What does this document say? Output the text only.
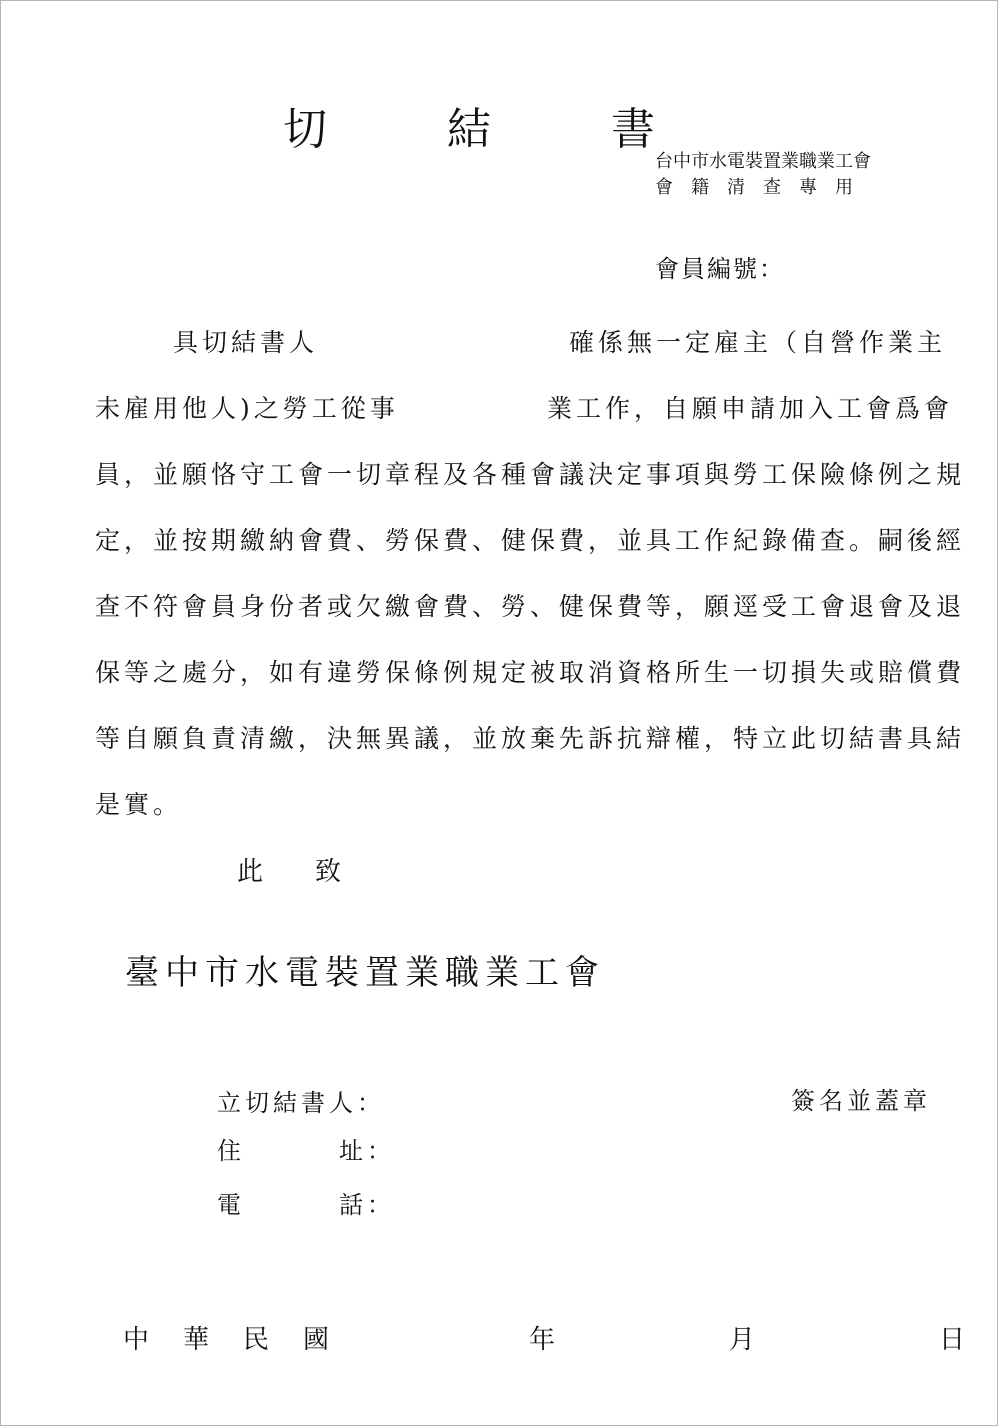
切	結	書
台中市水電裝置業職業工會
會　籍　清　查　專　用
會員編號：
具切結書人	確係無一定雇主（自營作業主
未雇用他人)之勞工從事	業工作，自願申請加入工會爲會
員，並願恪守工會一切章程及各種會議決定事項與勞工保險條例之規
定，並按期繳納會費、勞保費、健保費，並具工作紀錄備查。嗣後經
查不符會員身份者或欠繳會費、勞、健保費等，願逕受工會退會及退
保等之處分，如有違勞保條例規定被取消資格所生一切損失或賠償費
等自願負責清繳，決無異議，並放棄先訴抗辯權，特立此切結書具結
是實。
此 致
臺中市水電裝置業職業工會
立切結書人：
住	址：
電	話：
簽名並蓋章
中 華 民 國	年	月	日
